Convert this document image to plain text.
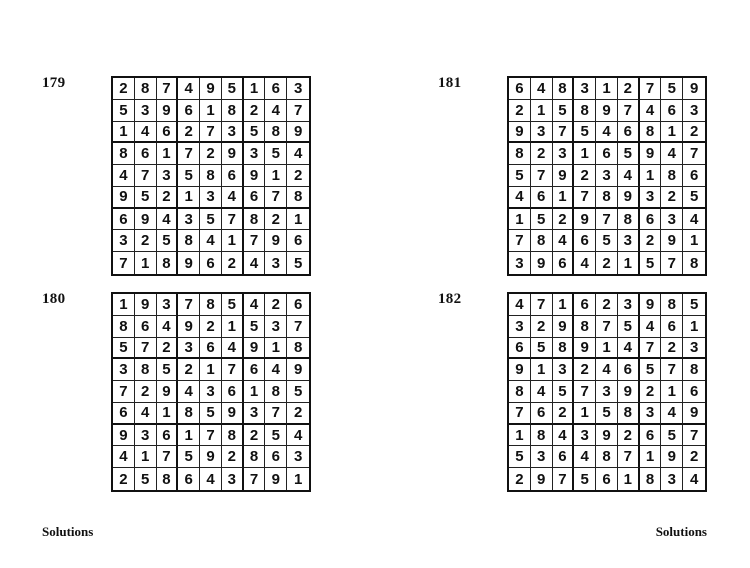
179
180
181
182
2 8 7 4 9 5 1 6 3
5 3 9 6 1 8 2 4 7
1 4 6 2 7 3 5 8 9
8 6 1 7 2 9 3 5 4
4 7 3 5 8 6 9 1 2
9 5 2 1 3 4 6 7 8
6 9 4 3 5 7 8 2 1
3 2 5 8 4 1 7 9 6
7 1 8 9 6 2 4 3 5
1 9 3 7 8 5 4 2 6
8 6 4 9 2 1 5 3 7
5 7 2 3 6 4 9 1 8
3 8 5 2 1 7 6 4 9
7 2 9 4 3 6 1 8 5
6 4 1 8 5 9 3 7 2
9 3 6 1 7 8 2 5 4
4 1 7 5 9 2 8 6 3
2 5 8 6 4 3 7 9 1
6 4 8 3 1 2 7 5 9
2 1 5 8 9 7 4 6 3
9 3 7 5 4 6 8 1 2
8 2 3 1 6 5 9 4 7
5 7 9 2 3 4 1 8 6
4 6 1 7 8 9 3 2 5
1 5 2 9 7 8 6 3 4
7 8 4 6 5 3 2 9 1
3 9 6 4 2 1 5 7 8
4 7 1 6 2 3 9 8 5
3 2 9 8 7 5 4 6 1
6 5 8 9 1 4 7 2 3
9 1 3 2 4 6 5 7 8
8 4 5 7 3 9 2 1 6
7 6 2 1 5 8 3 4 9
1 8 4 3 9 2 6 5 7
5 3 6 4 8 7 1 9 2
2 9 7 5 6 1 8 3 4
Solutions	Solutions
